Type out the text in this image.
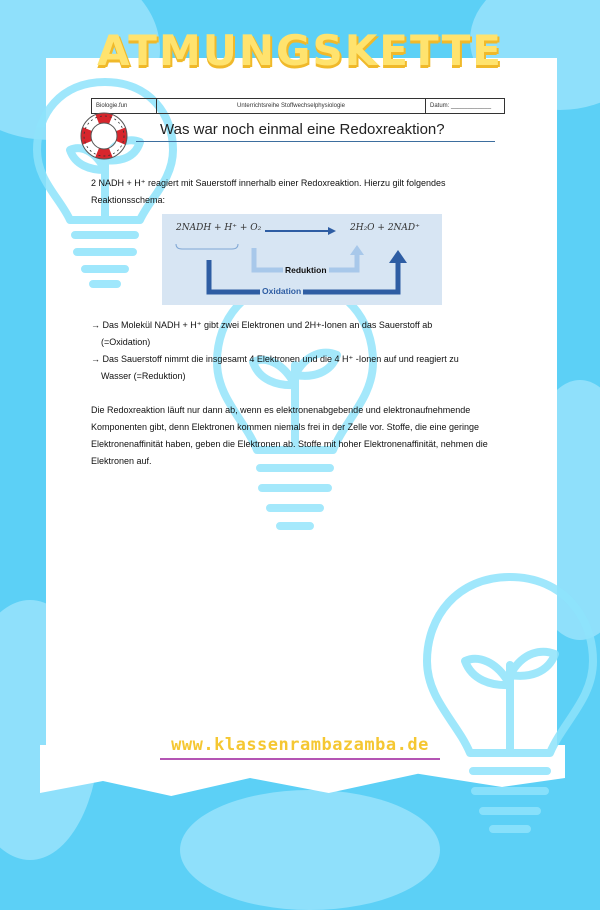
ATMUNGSKETTE
Biologie.fun	Unterrichtsreihe Stoffwechselphysiologie	Datum: ____________
Was war noch einmal eine Redoxreaktion?

2 NADH + H⁺ reagiert mit Sauerstoff innerhalb einer Redoxreaktion. Hierzu gilt folgendes Reaktionsschema:

2NADH + H⁺ + O₂	2H₂O + 2NAD⁺
Reduktion
Oxidation
→ Das Molekül NADH + H⁺ gibt zwei Elektronen und 2H+-Ionen an das Sauerstoff ab
(=Oxidation)
→ Das Sauerstoff nimmt die insgesamt 4 Elektronen und die 4 H⁺ -Ionen auf und reagiert zu
Wasser (=Reduktion)

Die Redoxreaktion läuft nur dann ab, wenn es elektronenabgebende und elektronaufnehmende Komponenten gibt, denn Elektronen kommen niemals frei in der Zelle vor. Stoffe, die eine geringe Elektronenaffinität haben, geben die Elektronen ab. Stoffe mit hoher Elektronenaffinität, nehmen die Elektronen auf.

www.klassenrambazamba.de
